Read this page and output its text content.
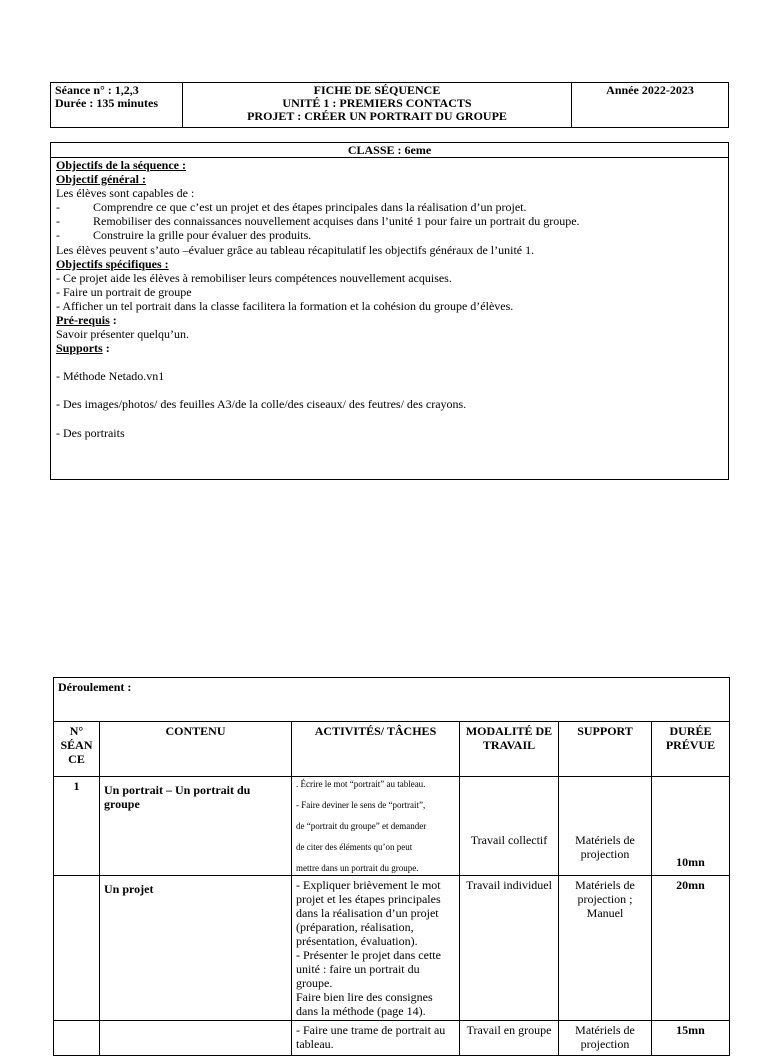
Séance n° : 1,2,3
Durée : 135 minutes

FICHE DE SÉQUENCE
UNITÉ 1 : PREMIERS CONTACTS
PROJET : CRÉER UN PORTRAIT DU GROUPE

Année 2022-2023
CLASSE : 6eme
Objectifs de la séquence :
Objectif général :
Les élèves sont capables de :
-	Comprendre ce que c’est un projet et des étapes principales dans la réalisation d’un projet.
-	Remobiliser des connaissances nouvellement acquises dans l’unité 1 pour faire un portrait du groupe.
-	Construire la grille pour évaluer des produits.
Les élèves peuvent s’auto –évaluer grâce au tableau récapitulatif les objectifs généraux de l’unité 1.
Objectifs spécifiques :
- Ce projet aide les élèves à remobiliser leurs compétences nouvellement acquises.
- Faire un portrait de groupe
- Afficher un tel portrait dans la classe facilitera la formation et la cohésion du groupe d’élèves.
Pré-requis :
Savoir présenter quelqu’un.
Supports :
- Méthode Netado.vn1
- Des images/photos/ des feuilles A3/de la colle/des ciseaux/ des feutres/ des crayons.
- Des portraits
Déroulement :					
N° SÉAN CE	CONTENU	ACTIVITÉS/ TÂCHES	MODALITÉ DE TRAVAIL	SUPPORT	DURÉE PRÉVUE
1	Un portrait – Un portrait du groupe	. Écrire le mot “portrait” au tableau.

- Faire deviner le sens de “portrait”,

de “portrait du groupe” et demander

de citer des éléments qu’on peut

mettre dans un portrait du groupe.	Travail collectif	Matériels de projection	10mn
	Un projet	- Expliquer brièvement le mot projet et les étapes principales dans la réalisation d’un projet (préparation, réalisation, présentation, évaluation).
- Présenter le projet dans cette unité : faire un portrait du groupe.
Faire bien lire des consignes dans la méthode (page 14).	Travail individuel	Matériels de projection ; Manuel	20mn
		- Faire une trame de portrait au tableau.	Travail en groupe	Matériels de projection	15mn
